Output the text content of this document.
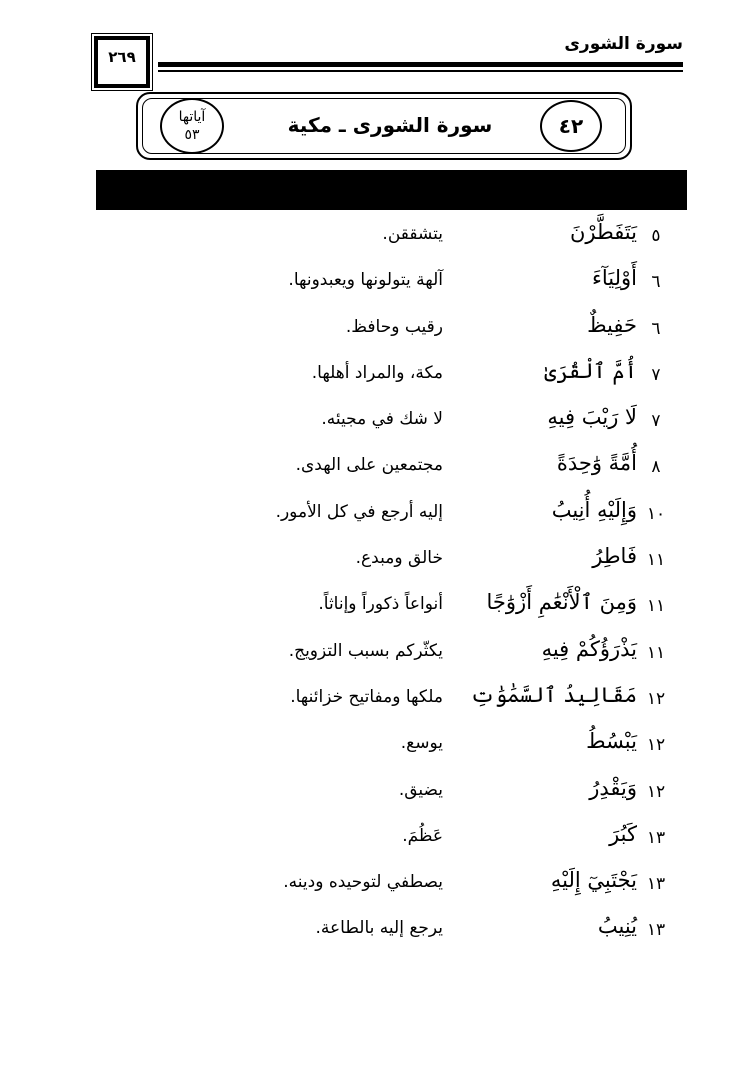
سورة الشورى
٢٦٩
آياتها
٥٣	سورة الشورى ـ مكية	٤٢
٥
يَتَفَطَّرْنَ
يتشققن.
٦
أَوْلِيَآءَ
آلهة يتولونها ويعبدونها.
٦
حَفِيظٌ
رقيب وحافظ.
٧
أُمَّ ٱلْقُرَىٰ
مكة، والمراد أهلها.
٧
لَا رَيْبَ فِيهِ
لا شك في مجيئه.
٨
أُمَّةً وَٰحِدَةً
مجتمعين على الهدى.
١٠
وَإِلَيْهِ أُنِيبُ
إليه أرجع في كل الأمور.
١١
فَاطِرُ
خالق ومبدع.
١١
وَمِنَ ٱلْأَنْعَٰمِ أَزْوَٰجًا
أنواعاً ذكوراً وإناثاً.
١١
يَذْرَؤُكُمْ فِيهِ
يكثّركم بسبب التزويج.
١٢
مَقَالِيدُ ٱلسَّمَٰوَٰتِ
ملكها ومفاتيح خزائنها.
١٢
يَبْسُطُ
يوسع.
١٢
وَيَقْدِرُ
يضيق.
١٣
كَبُرَ
عَظُمَ.
١٣
يَجْتَبِيٓ إِلَيْهِ
يصطفي لتوحيده ودينه.
١٣
يُنِيبُ
يرجع إليه بالطاعة.
